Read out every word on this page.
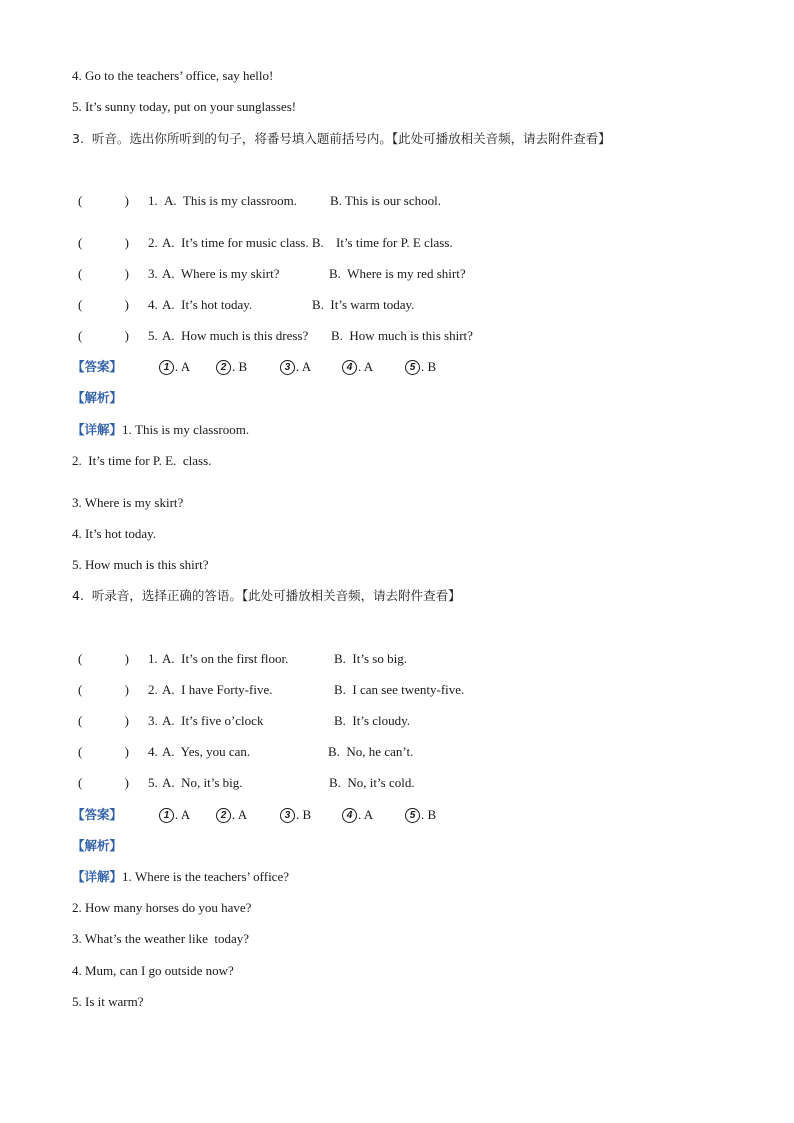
4. Go to the teachers’ office, say hello!
5. It’s sunny today, put on your sunglasses!
3.  听音。选出你所听到的句子，将番号填入题前括号内。【此处可播放相关音频，请去附件查看】

(             )

1.

A.  This is my classroom.

	B. This is our school.

(             )

2.

A.  It’s time for music class. B.

It’s time for P. E class.

(             )

3.

A.  Where is my skirt?

	B.  Where is my red shirt?

(             )

4.

A.  It’s hot today.

	B.  It’s warm today.

(             )

5.

A.  How much is this dress?

B.  How much is this shirt?

【答案】

	1 . A

	2 . B

	3 . A

	4 . A

	5 . B

【解析】
【详解】1. This is my classroom.
2.  It’s time for P. E.  class.
3. Where is my skirt?
4. It’s hot today.
5. How much is this shirt?
4.  听录音，选择正确的答语。【此处可播放相关音频，请去附件查看】

(             )

1.

A.  It’s on the first floor.

	B.  It’s so big.

(             )

2.

A.  I have Forty-five.

	B.  I can see twenty-five.

(             )

3.

A.  It’s five o’clock

	B.  It’s cloudy.

(             )

4.

A.  Yes, you can.

	B.  No, he can’t.

(             )

5.

A.  No, it’s big.

	B.  No, it’s cold.

【答案】

	1 . A

	2 . A

	3 . B

	4 . A

	5 . B

【解析】
【详解】1. Where is the teachers’ office?
2. How many horses do you have?
3. What’s the weather like  today?
4. Mum, can I go outside now?
5. Is it warm?
